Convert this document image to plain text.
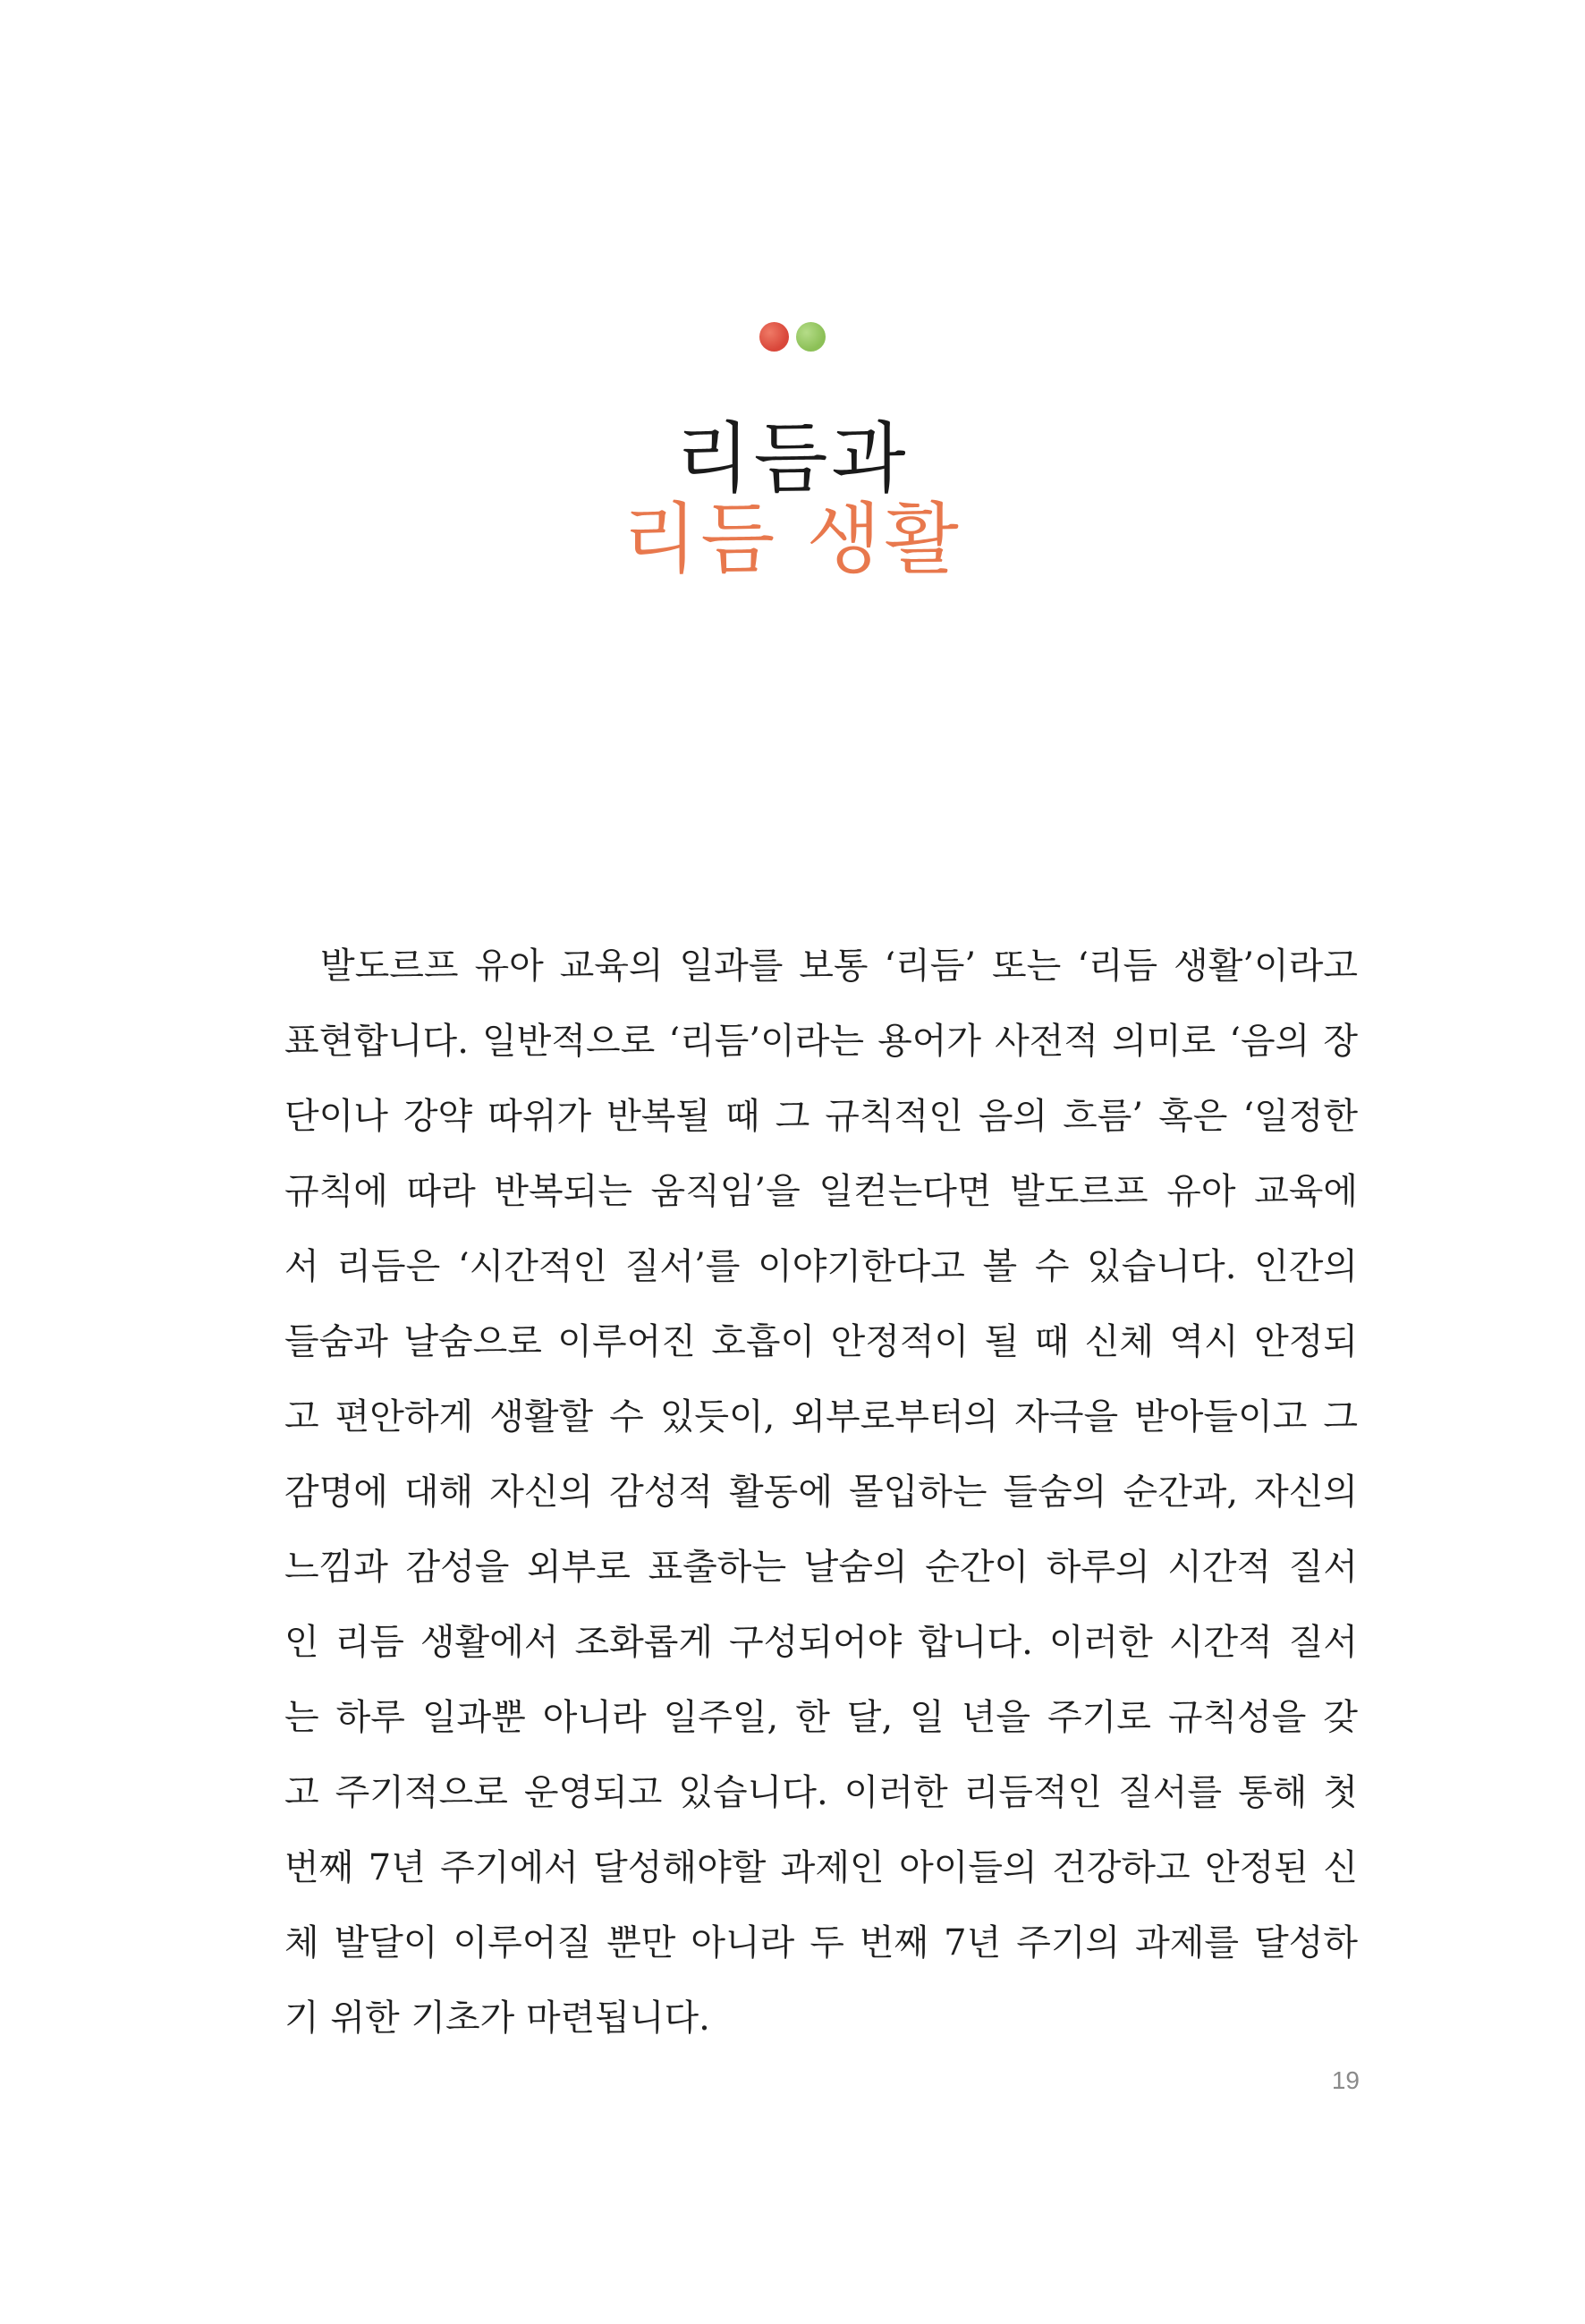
리듬과
리듬 생활
발도르프 유아 교육의 일과를 보통 ‘리듬’ 또는 ‘리듬 생활’이라고
표현합니다. 일반적으로 ‘리듬’이라는 용어가 사전적 의미로 ‘음의 장
단이나 강약 따위가 반복될 때 그 규칙적인 음의 흐름’ 혹은 ‘일정한
규칙에 따라 반복되는 움직임’을 일컫는다면 발도르프 유아 교육에
서 리듬은 ‘시간적인 질서’를 이야기한다고 볼 수 있습니다. 인간의
들숨과 날숨으로 이루어진 호흡이 안정적이 될 때 신체 역시 안정되
고 편안하게 생활할 수 있듯이, 외부로부터의 자극을 받아들이고 그
감명에 대해 자신의 감성적 활동에 몰입하는 들숨의 순간과, 자신의
느낌과 감성을 외부로 표출하는 날숨의 순간이 하루의 시간적 질서
인 리듬 생활에서 조화롭게 구성되어야 합니다. 이러한 시간적 질서
는 하루 일과뿐 아니라 일주일, 한 달, 일 년을 주기로 규칙성을 갖
고 주기적으로 운영되고 있습니다. 이러한 리듬적인 질서를 통해 첫
번째 7년 주기에서 달성해야할 과제인 아이들의 건강하고 안정된 신
체 발달이 이루어질 뿐만 아니라 두 번째 7년 주기의 과제를 달성하
기 위한 기초가 마련됩니다.
19
